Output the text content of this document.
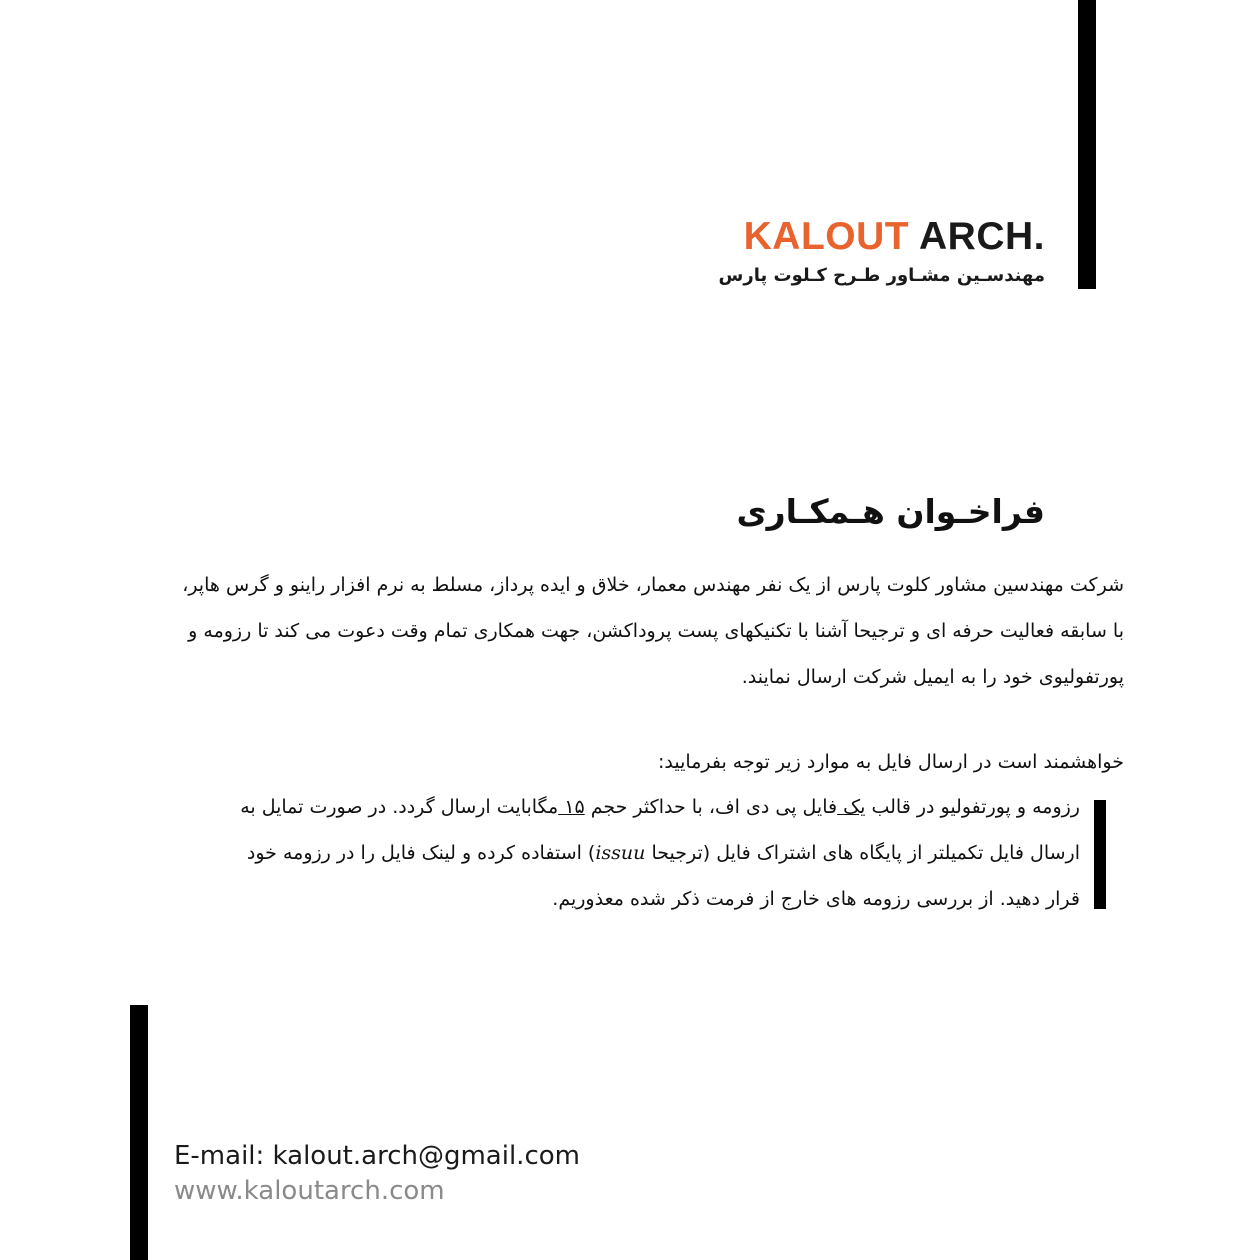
KALOUT ARCH.
مهندسـین مشـاور طـرح کـلوت پارس
فراخـوان هـمکـاری
شرکت مهندسین مشاور کلوت پارس از یک نفر مهندس معمار، خلاق و ایده پرداز، مسلط به نرم افزار راینو و گرس هاپر،
با سابقه فعالیت حرفه ای و ترجیحا آشنا با تکنیکهای پست پروداکشن، جهت همکاری تمام وقت دعوت می کند تا رزومه و
پورتفولیوی خود را به ایمیل شرکت ارسال نمایند.
خواهشمند است در ارسال فایل به موارد زیر توجه بفرمایید:
رزومه و پورتفولیو در قالب یک فایل پی دی اف، با حداکثر حجم ۱۵ مگابایت ارسال گردد. در صورت تمایل به
ارسال فایل تکمیلتر از پایگاه های اشتراک فایل (ترجیحا issuu) استفاده کرده و لینک فایل را در رزومه خود
قرار دهید. از بررسی رزومه های خارج از فرمت ذکر شده معذوریم.
E-mail: kalout.arch@gmail.com
www.kaloutarch.com
